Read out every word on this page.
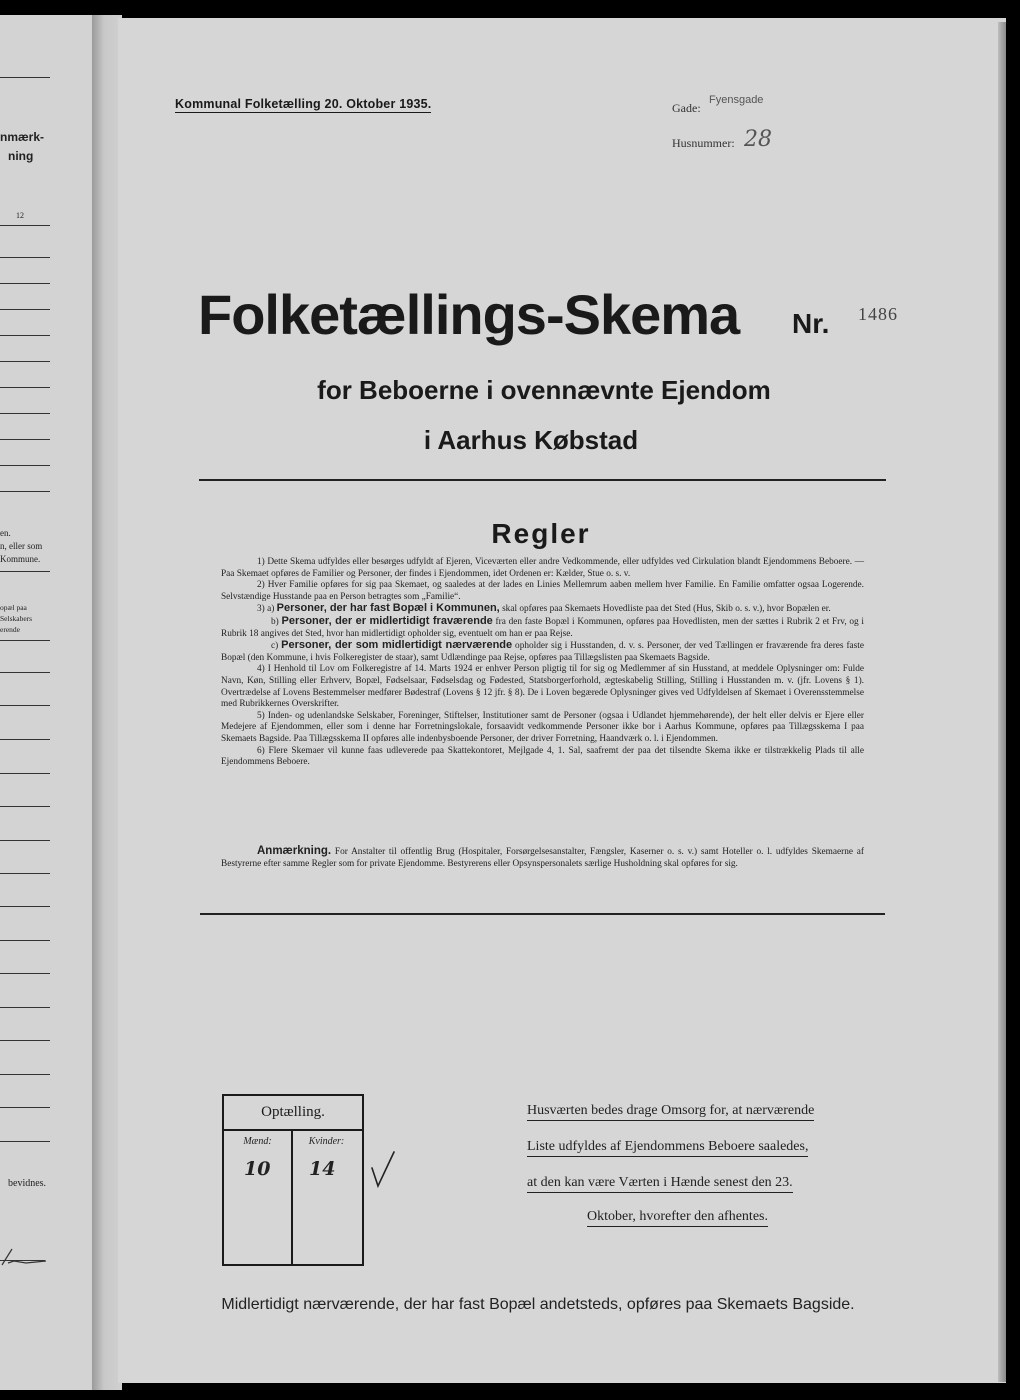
nmærk-
ning
12
en.
n, eller som
Kommune.
opæl paa
Selskabers
erende
bevidnes.
Kommunal Folketælling 20. Oktober 1935.	Gade:
Fyensgade
Husnummer: 28
Folketællings-Skema Nr. 1486
for Beboerne i ovennævnte Ejendom
i Aarhus Købstad
Regler

1) Dette Skema udfyldes eller besørges udfyldt af Ejeren, Viceværten eller andre Vedkommende, eller udfyldes ved Cirkulation blandt Ejendommens Beboere. — Paa Skemaet opføres de Familier og Personer, der findes i Ejendommen, idet Ordenen er: Kælder, Stue o. s. v.

2) Hver Familie opføres for sig paa Skemaet, og saaledes at der lades en Linies Mellemrum aaben mellem hver Familie. En Familie omfatter ogsaa Logerende. Selvstændige Husstande paa en Person betragtes som „Familie“.

3) a) Personer, der har fast Bopæl i Kommunen, skal opføres paa Skemaets Hovedliste paa det Sted (Hus, Skib o. s. v.), hvor Bopælen er.

b) Personer, der er midlertidigt fraværende fra den faste Bopæl i Kommunen, opføres paa Hovedlisten, men der sættes i Rubrik 2 et Frv, og i Rubrik 18 angives det Sted, hvor han midlertidigt opholder sig, eventuelt om han er paa Rejse.

c) Personer, der som midlertidigt nærværende opholder sig i Husstanden, d. v. s. Personer, der ved Tællingen er fraværende fra deres faste Bopæl (den Kommune, i hvis Folkeregister de staar), samt Udlændinge paa Rejse, opføres paa Tillægslisten paa Skemaets Bagside.

4) I Henhold til Lov om Folkeregistre af 14. Marts 1924 er enhver Person pligtig til for sig og Medlemmer af sin Husstand, at meddele Oplysninger om: Fulde Navn, Køn, Stilling eller Erhverv, Bopæl, Fødselsaar, Fødselsdag og Fødested, Statsborgerforhold, ægteskabelig Stilling, Stilling i Husstanden m. v. (jfr. Lovens § 1). Overtrædelse af Lovens Bestemmelser medfører Bødestraf (Lovens § 12 jfr. § 8). De i Loven begærede Oplysninger gives ved Udfyldelsen af Skemaet i Overensstemmelse med Rubrikkernes Overskrifter.

5) Inden- og udenlandske Selskaber, Foreninger, Stiftelser, Institutioner samt de Personer (ogsaa i Udlandet hjemmehørende), der helt eller delvis er Ejere eller Medejere af Ejendommen, eller som i denne har Forretningslokale, forsaavidt vedkommende Personer ikke bor i Aarhus Kommune, opføres paa Tillægsskema I paa Skemaets Bagside. Paa Tillægsskema II opføres alle indenbysboende Personer, der driver Forretning, Haandværk o. l. i Ejendommen.

6) Flere Skemaer vil kunne faas udleverede paa Skattekontoret, Mejlgade 4, 1. Sal, saafremt der paa det tilsendte Skema ikke er tilstrækkelig Plads til alle Ejendommens Beboere.

Anmærkning. For Anstalter til offentlig Brug (Hospitaler, Forsørgelsesanstalter, Fængsler, Kaserner o. s. v.) samt Hoteller o. l. udfyldes Skemaerne af Bestyrerne efter samme Regler som for private Ejendomme. Bestyrerens eller Opsynspersonalets særlige Husholdning skal opføres for sig.
Optælling.
Mænd:	Kvinder:
10 14
Husværten bedes drage Omsorg for, at nærværende
Liste udfyldes af Ejendommens Beboere saaledes,
at den kan være Værten i Hænde senest den 23.
Oktober, hvorefter den afhentes.
Midlertidigt nærværende, der har fast Bopæl andetsteds, opføres paa Skemaets Bagside.
